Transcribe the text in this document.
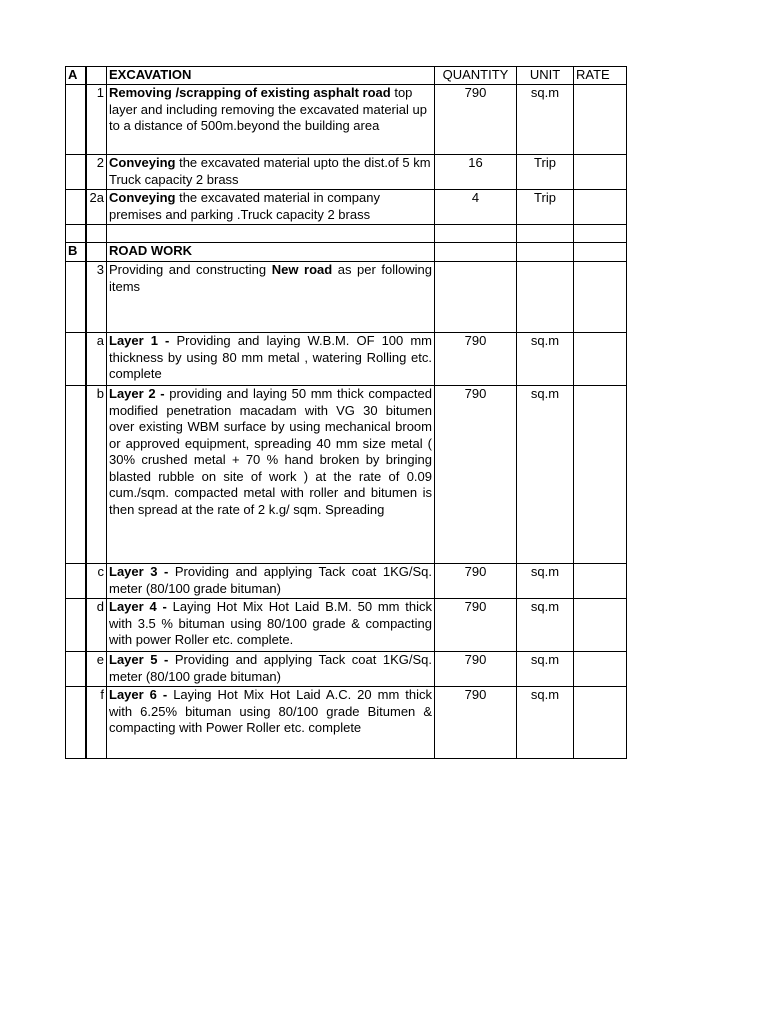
A		EXCAVATION	QUANTITY	UNIT	RATE
	1	Removing /scrapping of existing asphalt road top layer and including removing the excavated material up to a distance of 500m.beyond the building area	790	sq.m	
	2	Conveying the excavated material upto the dist.of 5 km Truck capacity 2 brass	16	Trip	
	2a	Conveying the excavated material in company premises and parking .Truck capacity 2 brass	4	Trip	

B		ROAD WORK			
	3	Providing and constructing New road as per following items			
	a	Layer 1 - Providing and laying W.B.M. OF 100 mm thickness by using 80 mm metal , watering Rolling etc. complete	790	sq.m	
	b	Layer 2 - providing and laying 50 mm thick compacted modified penetration macadam with VG 30 bitumen over existing WBM surface by using mechanical broom or approved equipment, spreading 40 mm size metal ( 30% crushed metal + 70 % hand broken by bringing blasted rubble on site of work ) at the rate of 0.09 cum./sqm. compacted metal with roller and bitumen is then spread at the rate of 2 k.g/ sqm. Spreading	790	sq.m	
	c	Layer 3 - Providing and applying Tack coat 1KG/Sq. meter (80/100 grade bituman)	790	sq.m	
	d	Layer 4 - Laying Hot Mix Hot Laid B.M. 50 mm thick with 3.5 % bituman using 80/100 grade & compacting with power Roller etc. complete.	790	sq.m	
	e	Layer 5 - Providing and applying Tack coat 1KG/Sq. meter (80/100 grade bituman)	790	sq.m	
	f	Layer 6 - Laying Hot Mix Hot Laid A.C. 20 mm thick with 6.25% bituman using 80/100 grade Bitumen & compacting with Power Roller etc. complete	790	sq.m	
